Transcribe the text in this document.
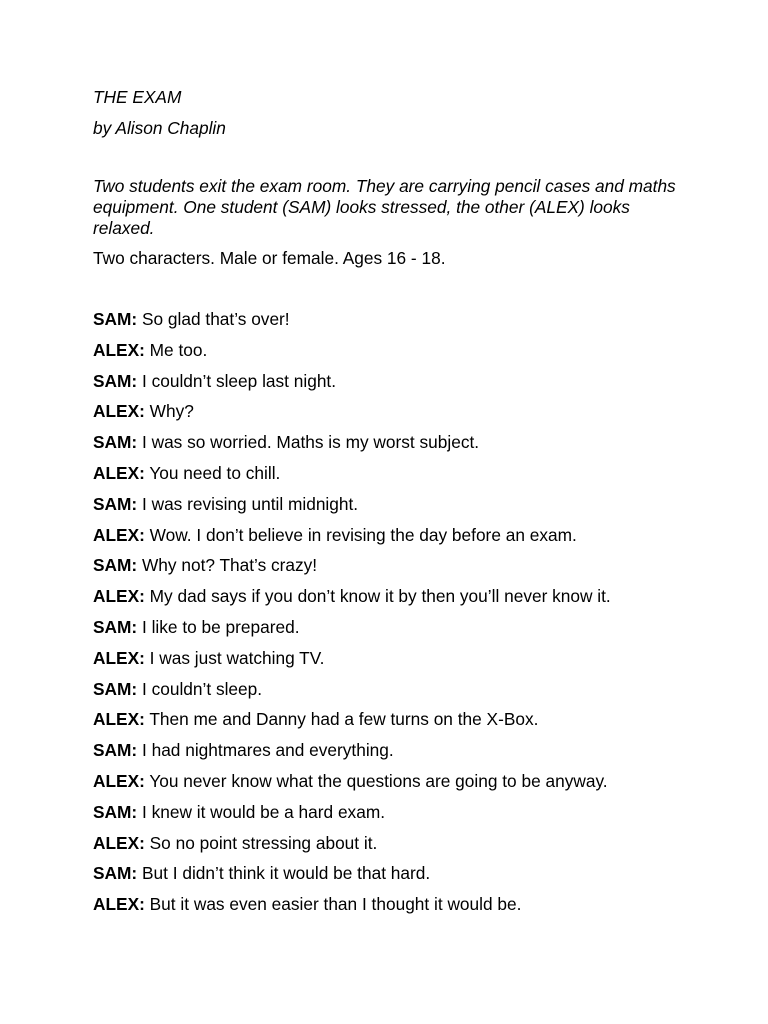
THE EXAM

by Alison Chaplin

Two students exit the exam room. They are carrying pencil cases and maths equipment. One student (SAM) looks stressed, the other (ALEX) looks relaxed.

Two characters. Male or female. Ages 16 - 18.

SAM: So glad that’s over!
ALEX: Me too.
SAM: I couldn’t sleep last night.
ALEX: Why?
SAM: I was so worried. Maths is my worst subject.
ALEX: You need to chill.
SAM: I was revising until midnight.
ALEX: Wow. I don’t believe in revising the day before an exam.
SAM: Why not? That’s crazy!
ALEX: My dad says if you don’t know it by then you’ll never know it.
SAM: I like to be prepared.
ALEX: I was just watching TV.
SAM: I couldn’t sleep.
ALEX: Then me and Danny had a few turns on the X-Box.
SAM: I had nightmares and everything.
ALEX: You never know what the questions are going to be anyway.
SAM: I knew it would be a hard exam.
ALEX: So no point stressing about it.
SAM: But I didn’t think it would be that hard.
ALEX: But it was even easier than I thought it would be.
